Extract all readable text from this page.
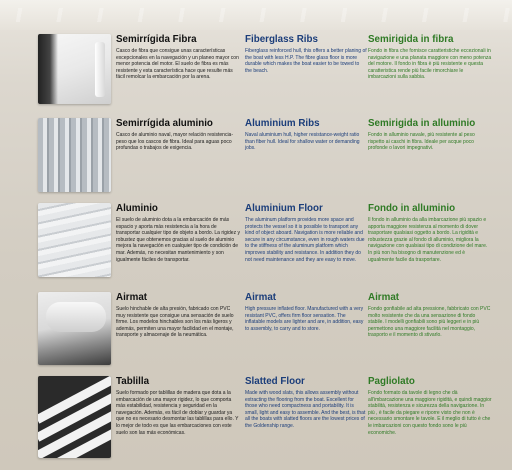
Semirrígida Fibra
Casco de fibra que consigue unas características excepcionales en la navegación y un planeo mayor con menor potencia del motor. El suelo de fibra es más resistente y esta característica hace que resulte más fácil remolcar la embarcación por la arena.
Fiberglass Ribs
Fiberglass reinforced hull, this offers a better planing of the boat with less H.P. The fibre glass floor is more durable which makes the boat easier to be towed to the beach.
Semirigida in fibra
Fondo in fibra che fornisce caratteristiche eccezionali in navigazione e una planata maggiore con meno potenza del motore. Il fondo in fibra è più resistente e questa caratteristica rende più facile rimorchiare le imbarcazioni sulla sabbia.
Semirrígida aluminio
Casco de aluminio naval, mayor relación resistencia-peso que los cascos de fibra. Ideal para aguas poco profundas o trabajos de exigencia.
Aluminium Ribs
Naval aluminium hull, higher resistance-weight ratio than fiber hull. Ideal for shallow water or demanding jobs.
Semirigida in alluminio
Fondo in alluminio navale, più resistente al peso rispetto ai caschi in fibra. Ideale per acque poco profonde o lavori impegnativi.
Aluminio
El suelo de aluminio dota a la embarcación de más espacio y aporta más resistencia a la hora de transportar cualquier tipo de objeto a bordo. La rigidez y robustez que obtenemos gracias al suelo de aluminio mejora la navegación en cualquier tipo de condición de mar. Además, no necesitan mantenimiento y son igualmente fáciles de transportar.
Aluminium Floor
The aluminum platform provides more space and protects the vessel so it is possible to transport any kind of object aboard. Navigation is more reliable and secure in any circumstance, even in rough waters due to the stiffness of the aluminum platform which improves stability and resistance. In addition they do not need maintenance and they are easy to move.
Fondo in alluminio
Il fondo in alluminio da alla imbarcazione più spazio e apporta maggiore resistenza al momento di dover trasportare qualsiasi oggetto a bordo. La rigidità e robustezza grazie al fondo di alluminio, migliora la navigazione con qualsiasi tipo di condizione del mare. In più non ha bisogno di manutenzione ed è ugualmente facile da trasportare.
Airmat
Suelo hinchable de alta presión, fabricado con PVC muy resistente que consigue una sensación de suelo firme. Los modelos hinchables son los más ligeros y además, permiten una mayor facilidad en el montaje, transporte y almacenaje de la neumática.
Airmat
High pressure inflated floor. Manufactured with a very resistant PVC, offers firm floor sensation. The inflatable models are lighter and are, in addition, easy to assembly, to carry and to store.
Airmat
Fondo gonfiabile ad alta pressione, fabbricato con PVC molto resistente che da una sensazione di fondo stabile. I modelli gonfiabili sono più leggeri e in più permettono una maggiore facilità nel montaggio, trasporto e il momento di stivarlo.
Tablilla
Suelo formado por tablillas de madera que dota a la embarcación de una mayor rigidez, lo que comporta más estabilidad, resistencia y seguridad en la navegación. Además, es fácil de doblar y guardar ya que no es necesario desmontar las tablillas para ello. Y lo mejor de todo es que las embarcaciones con este suelo son las más económicas.
Slatted Floor
Made with wood slats, this allows assembly without extracting the flooring from the boat. Excellent for those who need compactness and portability. It is small, light and easy to assemble. And the best, is that all the boats with slatted floors are the lowest prices of the Goldenship range.
Pagliolato
Fondo formato da tavole di legno che dà all'imbarcazione una maggiore rigidità, e quindi maggior stabilità, resistenza e sicurezza della navigazione. In più , è facile da piegare e riporre visto che non è necessario smontare le tavole. E il meglio di tutto è che le imbarcazioni con questo fondo sono le più economiche.
